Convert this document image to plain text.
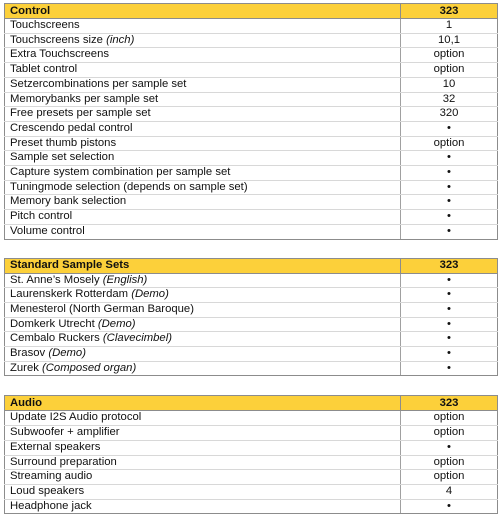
Control	323
Touchscreens	1
Touchscreens size (inch)	10,1
Extra Touchscreens	option
Tablet control	option
Setzercombinations per sample set	10
Memorybanks per sample set	32
Free presets per sample set	320
Crescendo pedal control	•
Preset thumb pistons	option
Sample set selection	•
Capture system combination per sample set	•
Tuningmode selection (depends on sample set)	•
Memory bank selection	•
Pitch control	•
Volume control	•
Standard Sample Sets	323
St. Anne’s Mosely (English)	•
Laurenskerk Rotterdam (Demo)	•
Menesterol (North German Baroque)	•
Domkerk Utrecht (Demo)	•
Cembalo Ruckers (Clavecimbel)	•
Brasov (Demo)	•
Zurek (Composed organ)	•
Audio	323
Update I2S Audio protocol	option
Subwoofer + amplifier	option
External speakers	•
Surround preparation	option
Streaming audio	option
Loud speakers	4
Headphone jack	•
